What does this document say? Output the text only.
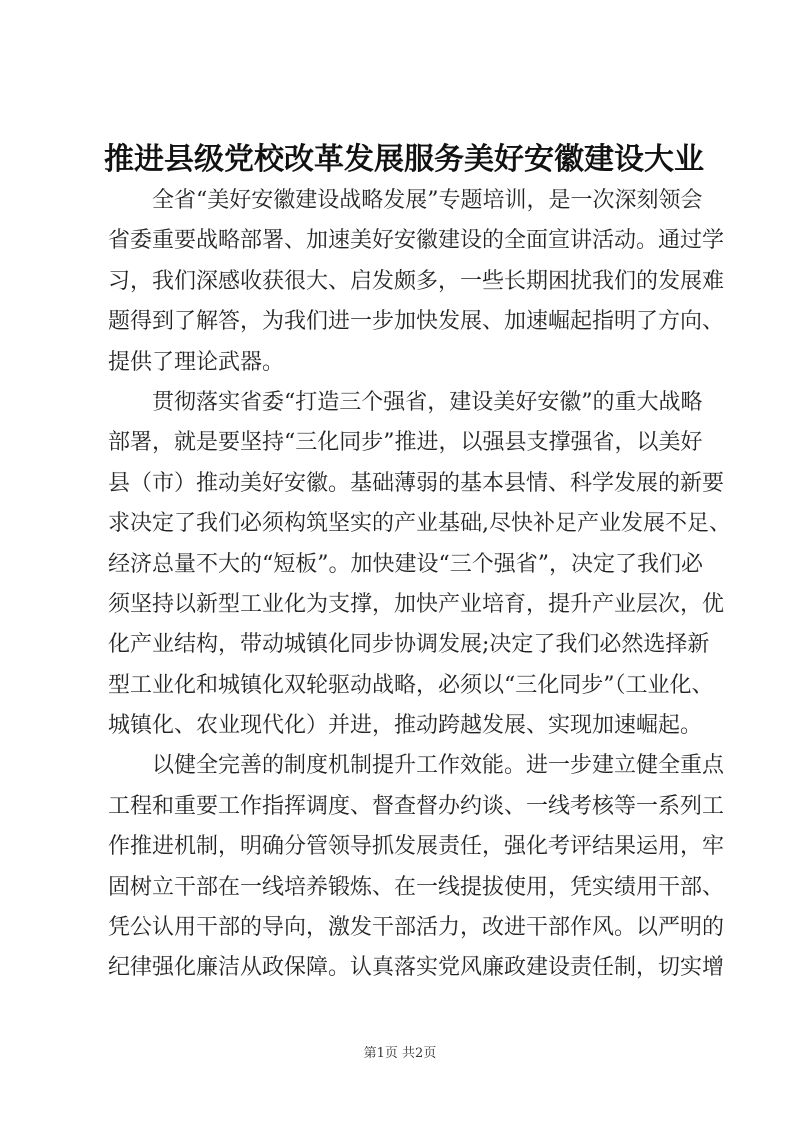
推进县级党校改革发展服务美好安徽建设大业
全省“美好安徽建设战略发展”专题培训，是一次深刻领会
省委重要战略部署、加速美好安徽建设的全面宣讲活动。通过学
习，我们深感收获很大、启发颇多，一些长期困扰我们的发展难
题得到了解答，为我们进一步加快发展、加速崛起指明了方向、
提供了理论武器。
贯彻落实省委“打造三个强省，建设美好安徽”的重大战略
部署，就是要坚持“三化同步”推进，以强县支撑强省，以美好
县（市）推动美好安徽。基础薄弱的基本县情、科学发展的新要
求决定了我们必须构筑坚实的产业基础,尽快补足产业发展不足、
经济总量不大的“短板”。加快建设“三个强省”，决定了我们必
须坚持以新型工业化为支撑，加快产业培育，提升产业层次，优
化产业结构，带动城镇化同步协调发展;决定了我们必然选择新
型工业化和城镇化双轮驱动战略，必须以“三化同步”（工业化、
城镇化、农业现代化）并进，推动跨越发展、实现加速崛起。
以健全完善的制度机制提升工作效能。进一步建立健全重点
工程和重要工作指挥调度、督查督办约谈、一线考核等一系列工
作推进机制，明确分管领导抓发展责任，强化考评结果运用，牢
固树立干部在一线培养锻炼、在一线提拔使用，凭实绩用干部、
凭公认用干部的导向，激发干部活力，改进干部作风。以严明的
纪律强化廉洁从政保障。认真落实党风廉政建设责任制，切实增
第1页 共2页
